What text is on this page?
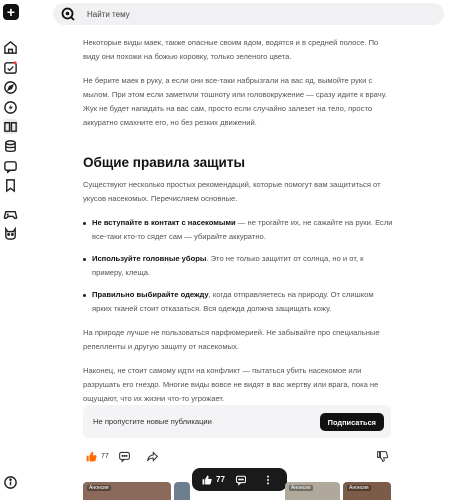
+
Найти тему

Некоторые виды маек, также опасные своим ядом, водятся и в средней полосе. По виду они похожи на божью коровку, только зеленого цвета.

Не берите маек в руку, а если они все-таки набрызгали на вас яд, вымойте руки с мылом. При этом если заметили тошноту или головокружение — сразу идите к врачу. Жук не будет нападать на вас сам, просто если случайно залезет на тело, просто аккуратно смахните его, но без резких движений.

Общие правила защиты

Существуют несколько простых рекомендаций, которые помогут вам защититься от укусов насекомых. Перечисляем основные.

Не вступайте в контакт с насекомыми — не трогайте их, не сажайте на руки. Если все-таки кто-то сядет сам — убирайте аккуратно.
Используйте головные уборы. Это не только защитит от солнца, но и от, к примеру, клеща.
Правильно выбирайте одежду, когда отправляетесь на природу. От слишком ярких тканей стоит отказаться. Вся одежда должна защищать кожу.

На природе лучше не пользоваться парфюмерией. Не забывайте про специальные репелленты и другую защиту от насекомых.

Наконец, не стоит самому идти на конфликт — пытаться убить насекомое или разрушать его гнездо. Многие виды вовсе не видят в вас жертву или врага, пока не ощущают, что их жизни что-то угрожает.

Не пропустите новые публикации	Подписаться
77
77
Анонсия	Анонсия	Анонсия
